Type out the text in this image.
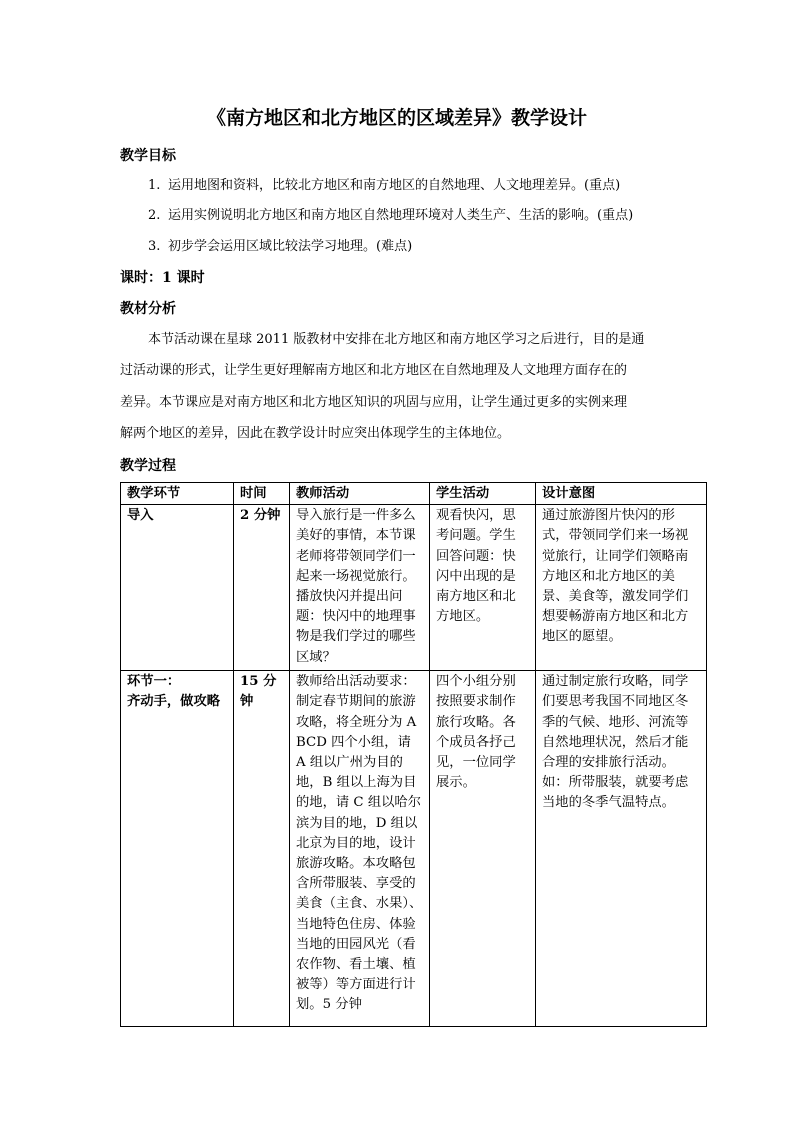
《南方地区和北方地区的区域差异》教学设计
教学目标
1. 运用地图和资料，比较北方地区和南方地区的自然地理、人文地理差异。(重点)
2. 运用实例说明北方地区和南方地区自然地理环境对人类生产、生活的影响。(重点)
3. 初步学会运用区域比较法学习地理。(难点)
课时：1 课时
教材分析
本节活动课在星球 2011 版教材中安排在北方地区和南方地区学习之后进行，目的是通
过活动课的形式，让学生更好理解南方地区和北方地区在自然地理及人文地理方面存在的
差异。本节课应是对南方地区和北方地区知识的巩固与应用，让学生通过更多的实例来理
解两个地区的差异，因此在教学设计时应突出体现学生的主体地位。
教学过程
教学环节	时间	教师活动	学生活动	设计意图

导入	2 分钟	导入旅行是一件多么美好的事情，本节课老师将带领同学们一起来一场视觉旅行。播放快闪并提出问题：快闪中的地理事物是我们学过的哪些区域？	观看快闪，思考问题。学生回答问题：快闪中出现的是南方地区和北方地区。	通过旅游图片快闪的形式，带领同学们来一场视觉旅行，让同学们领略南方地区和北方地区的美景、美食等，激发同学们想要畅游南方地区和北方地区的愿望。

环节一：
齐动手，做攻略	15 分钟	教师给出活动要求：制定春节期间的旅游攻略，将全班分为 ABCD 四个小组，请 A 组以广州为目的地，B 组以上海为目的地，请 C 组以哈尔滨为目的地，D 组以北京为目的地，设计旅游攻略。本攻略包含所带服装、享受的美食（主食、水果）、当地特色住房、体验当地的田园风光（看农作物、看土壤、植被等）等方面进行计划。5 分钟	四个小组分别按照要求制作旅行攻略。各个成员各抒己见，一位同学展示。	通过制定旅行攻略，同学们要思考我国不同地区冬季的气候、地形、河流等自然地理状况，然后才能合理的安排旅行活动。如：所带服装，就要考虑当地的冬季气温特点。
